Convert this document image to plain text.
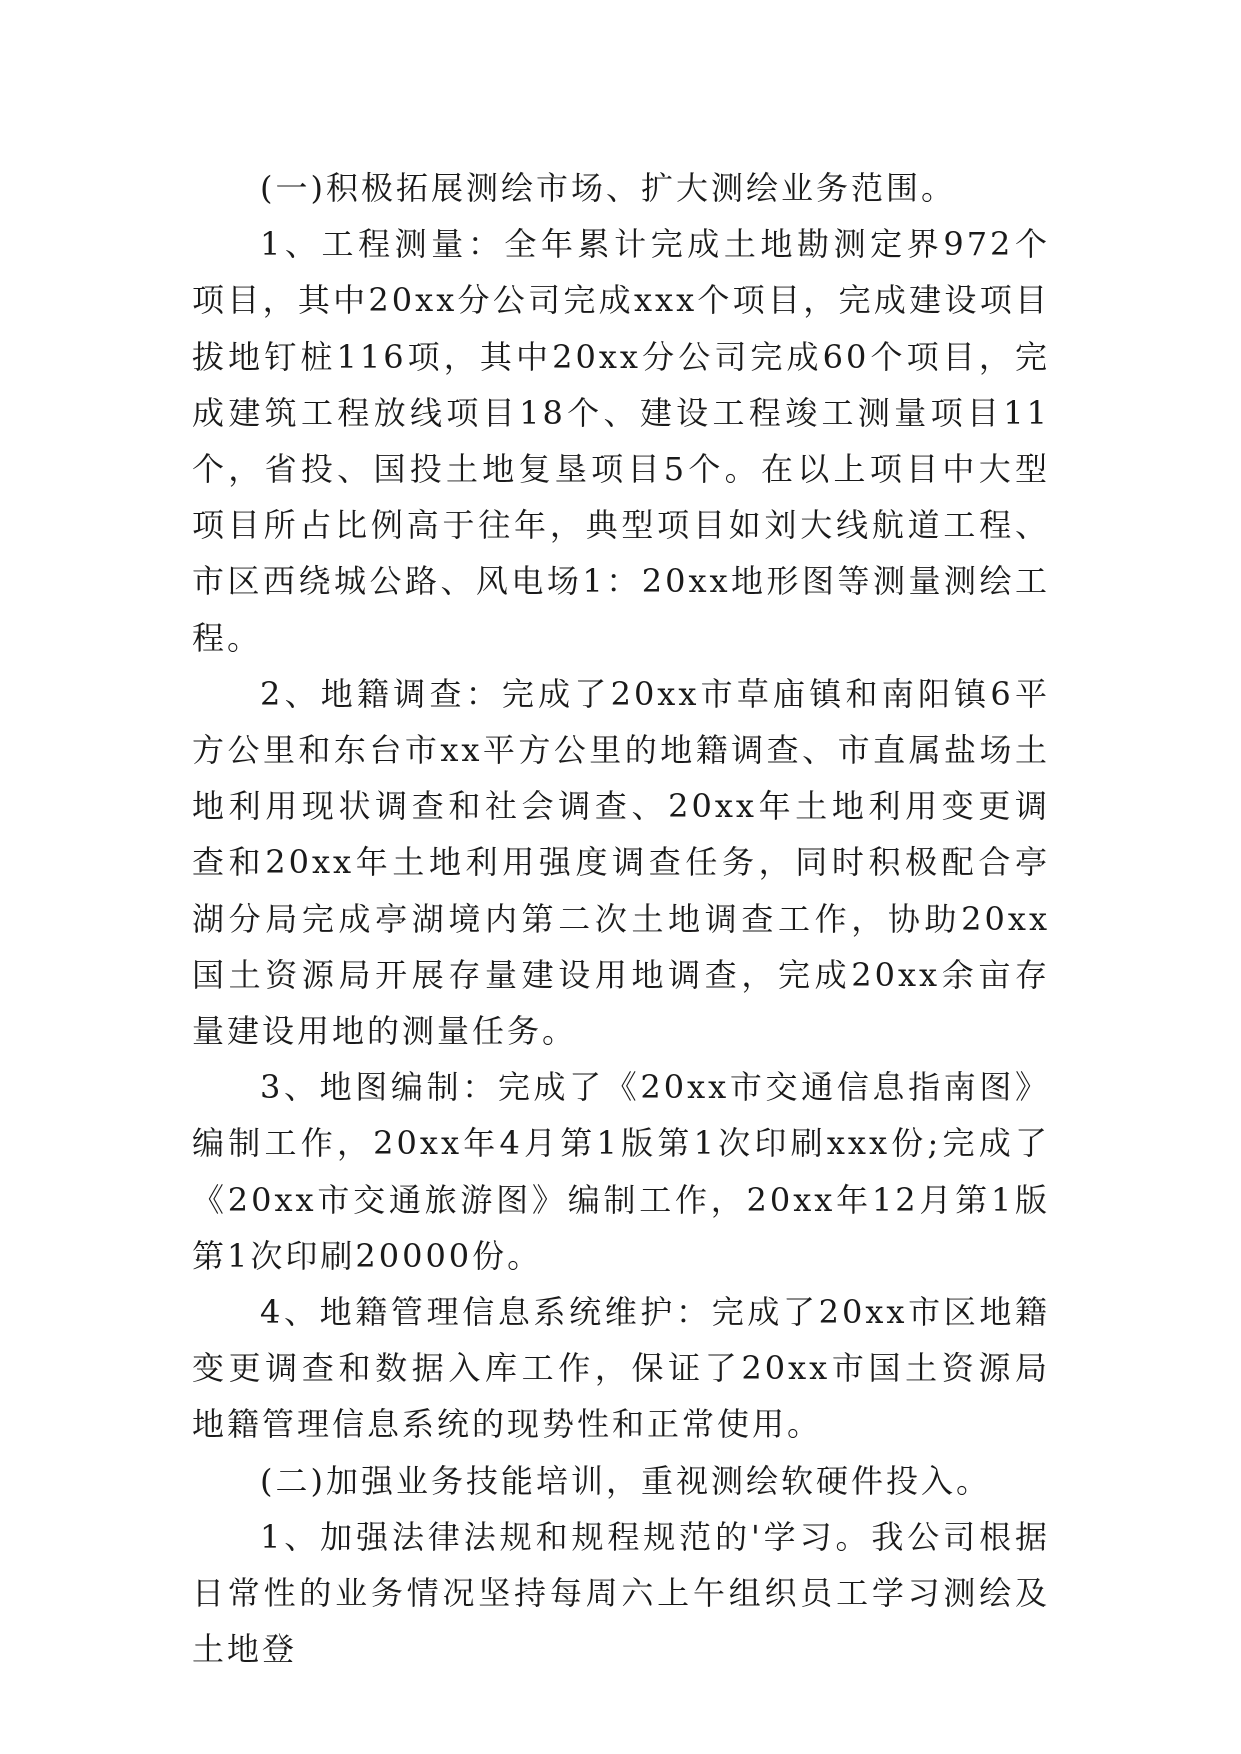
(一)积极拓展测绘市场、扩大测绘业务范围。

1、工程测量：全年累计完成土地勘测定界972个项目，其中20xx分公司完成xxx个项目，完成建设项目拔地钉桩116项，其中20xx分公司完成60个项目，完成建筑工程放线项目18个、建设工程竣工测量项目11个，省投、国投土地复垦项目5个。在以上项目中大型项目所占比例高于往年，典型项目如刘大线航道工程、市区西绕城公路、风电场1：20xx地形图等测量测绘工程。

2、地籍调查：完成了20xx市草庙镇和南阳镇6平方公里和东台市xx平方公里的地籍调查、市直属盐场土地利用现状调查和社会调查、20xx年土地利用变更调查和20xx年土地利用强度调查任务，同时积极配合亭湖分局完成亭湖境内第二次土地调查工作，协助20xx国土资源局开展存量建设用地调查，完成20xx余亩存量建设用地的测量任务。

3、地图编制：完成了《20xx市交通信息指南图》编制工作，20xx年4月第1版第1次印刷xxx份;完成了《20xx市交通旅游图》编制工作，20xx年12月第1版第1次印刷20000份。

4、地籍管理信息系统维护：完成了20xx市区地籍变更调查和数据入库工作，保证了20xx市国土资源局地籍管理信息系统的现势性和正常使用。

(二)加强业务技能培训，重视测绘软硬件投入。

1、加强法律法规和规程规范的'学习。我公司根据日常性的业务情况坚持每周六上午组织员工学习测绘及土地登
